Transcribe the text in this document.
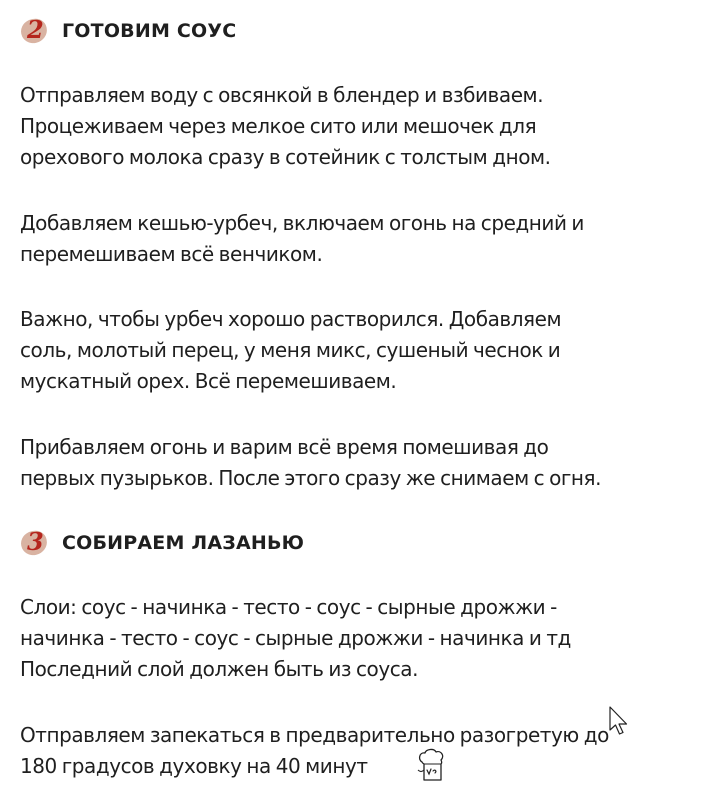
2 ГОТОВИМ СОУС

Отправляем воду с овсянкой в блендер и взбиваем.
Процеживаем через мелкое сито или мешочек для
орехового молока сразу в сотейник с толстым дном.

Добавляем кешью-урбеч, включаем огонь на средний и
перемешиваем всё венчиком.

Важно, чтобы урбеч хорошо растворился. Добавляем
соль, молотый перец, у меня микс, сушеный чеснок и
мускатный орех. Всё перемешиваем.

Прибавляем огонь и варим всё время помешивая до
первых пузырьков. После этого сразу же снимаем с огня.

3 СОБИРАЕМ ЛАЗАНЬЮ

Слои: соус - начинка - тесто - соус - сырные дрожжи -
начинка - тесто - соус - сырные дрожжи - начинка и тд
Последний слой должен быть из соуса.

Отправляем запекаться в предварительно разогретую до
180 градусов духовку на 40 минут
